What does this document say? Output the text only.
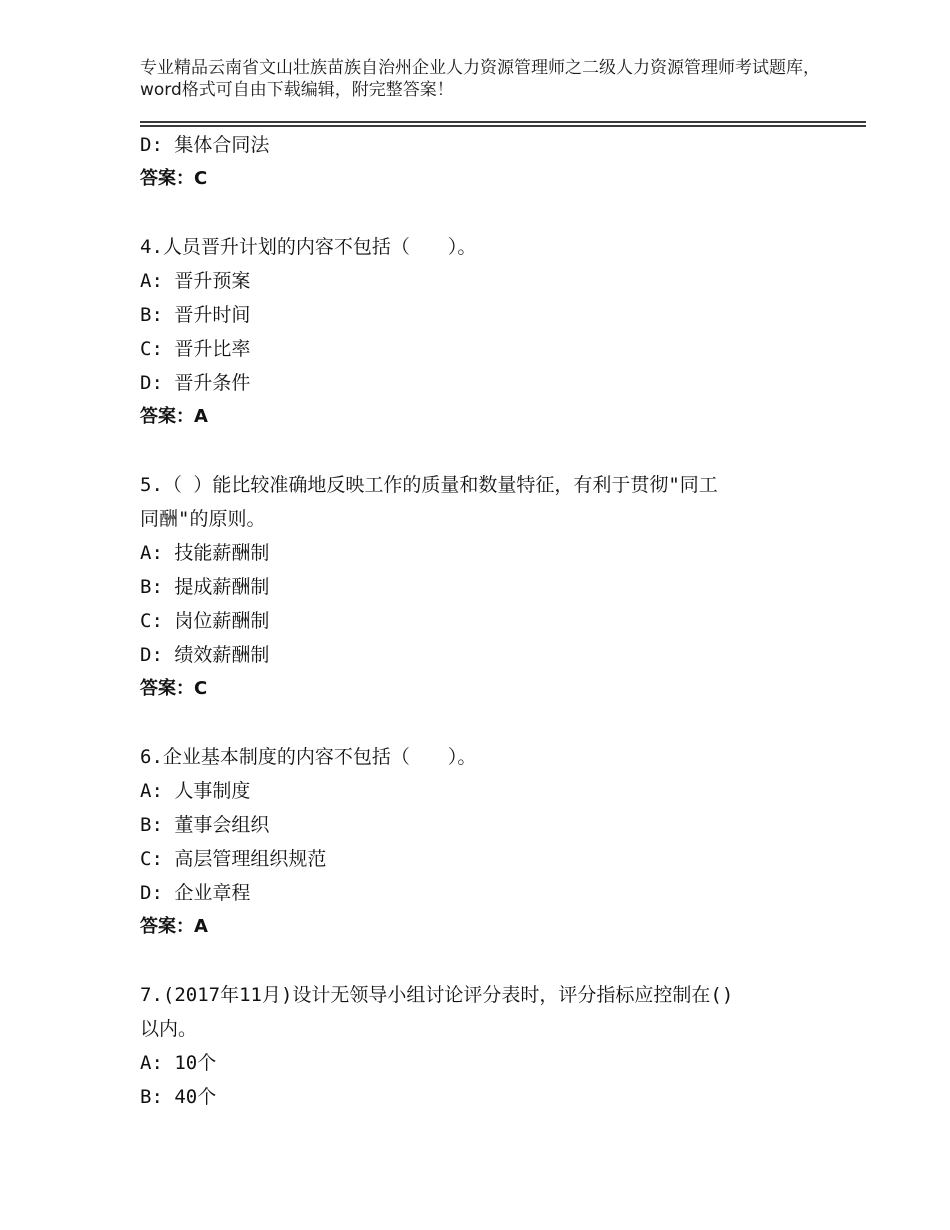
专业精品云南省文山壮族苗族自治州企业人力资源管理师之二级人力资源管理师考试题库，word格式可自由下载编辑，附完整答案！
D: 集体合同法
答案：C
4.人员晋升计划的内容不包括（　　）。
A: 晋升预案
B: 晋升时间
C: 晋升比率
D: 晋升条件
答案：A
5.（ ）能比较准确地反映工作的质量和数量特征，有利于贯彻"同工
同酬"的原则。
A: 技能薪酬制
B: 提成薪酬制
C: 岗位薪酬制
D: 绩效薪酬制
答案：C
6.企业基本制度的内容不包括（　　）。
A: 人事制度
B: 董事会组织
C: 高层管理组织规范
D: 企业章程
答案：A
7.(2017年11月)设计无领导小组讨论评分表时，评分指标应控制在()
以内。
A: 10个
B: 40个
